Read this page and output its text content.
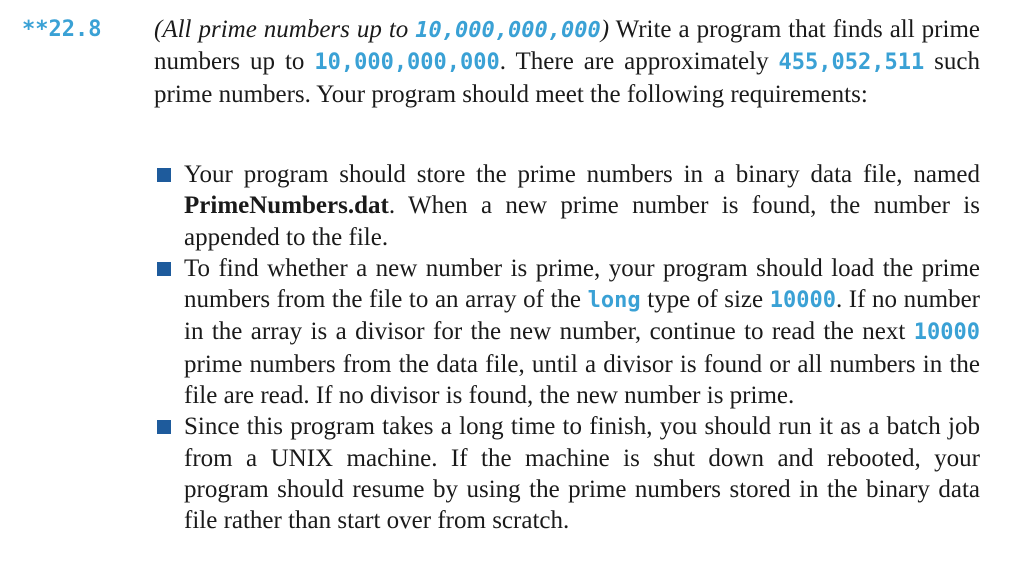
**22.8 (All prime numbers up to 10,000,000,000) Write a program that finds all prime numbers up to 10,000,000,000. There are approximately 455,052,511 such prime numbers. Your program should meet the following requirements:

Your program should store the prime numbers in a binary data file, named PrimeNumbers.dat. When a new prime number is found, the number is appended to the file.
To find whether a new number is prime, your program should load the prime numbers from the file to an array of the long type of size 10000. If no number in the array is a divisor for the new number, continue to read the next 10000 prime numbers from the data file, until a divisor is found or all numbers in the file are read. If no divisor is found, the new number is prime.
Since this program takes a long time to finish, you should run it as a batch job from a UNIX machine. If the machine is shut down and rebooted, your program should resume by using the prime numbers stored in the binary data file rather than start over from scratch.
